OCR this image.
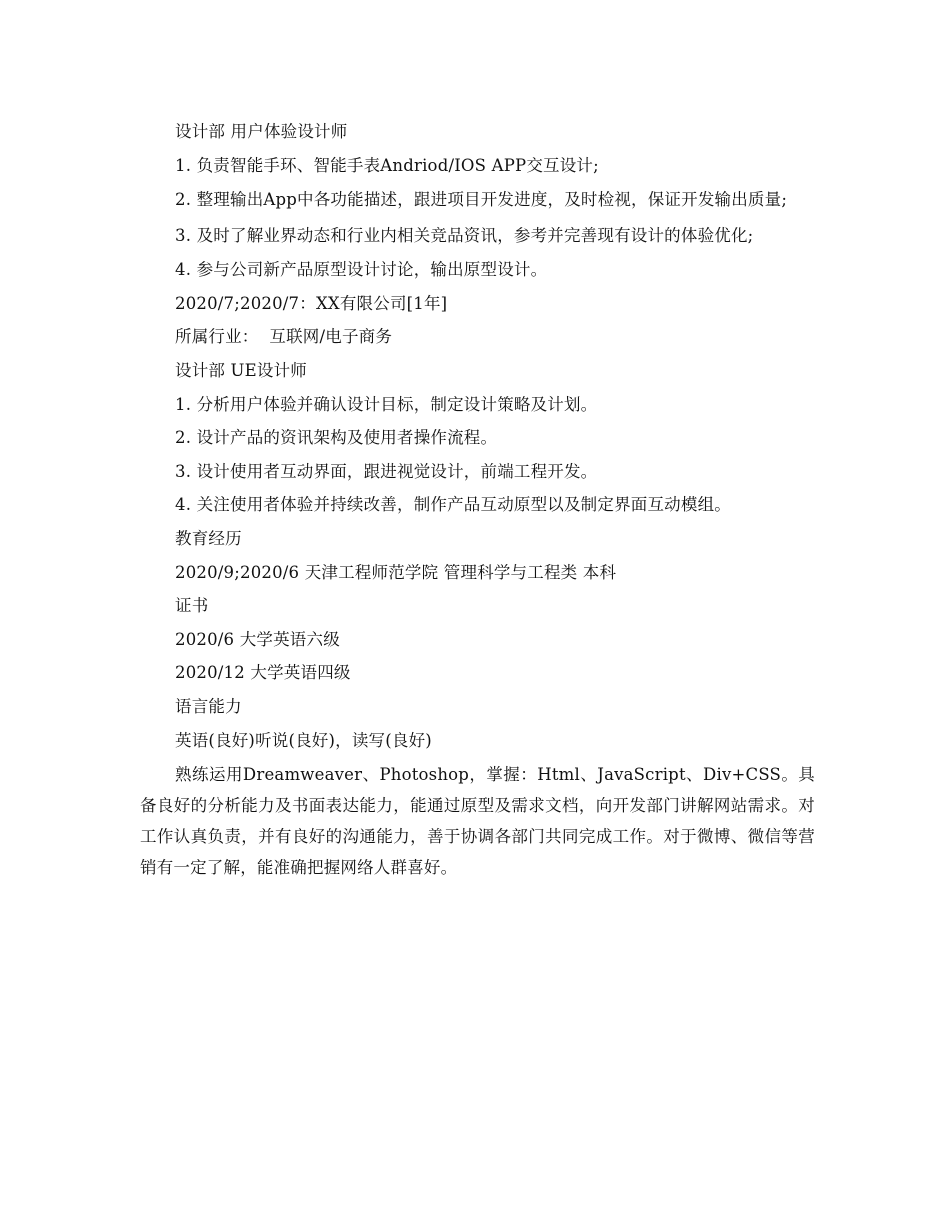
设计部 用户体验设计师

1. 负责智能手环、智能手表Andriod/IOS APP交互设计;

2. 整理输出App中各功能描述，跟进项目开发进度，及时检视，保证开发输出质量;

3. 及时了解业界动态和行业内相关竞品资讯，参考并完善现有设计的体验优化;

4. 参与公司新产品原型设计讨论，输出原型设计。

2020/7;2020/7：XX有限公司[1年]

所属行业：  互联网/电子商务

设计部 UE设计师

1. 分析用户体验并确认设计目标，制定设计策略及计划。

2. 设计产品的资讯架构及使用者操作流程。

3. 设计使用者互动界面，跟进视觉设计，前端工程开发。

4. 关注使用者体验并持续改善，制作产品互动原型以及制定界面互动模组。

教育经历

2020/9;2020/6 天津工程师范学院 管理科学与工程类 本科

证书

2020/6 大学英语六级

2020/12 大学英语四级

语言能力

英语(良好)听说(良好)，读写(良好)

熟练运用Dreamweaver、Photoshop，掌握：Html、JavaScript、Div+CSS。具备良好的分析能力及书面表达能力，能通过原型及需求文档，向开发部门讲解网站需求。对工作认真负责，并有良好的沟通能力，善于协调各部门共同完成工作。对于微博、微信等营销有一定了解，能准确把握网络人群喜好。
